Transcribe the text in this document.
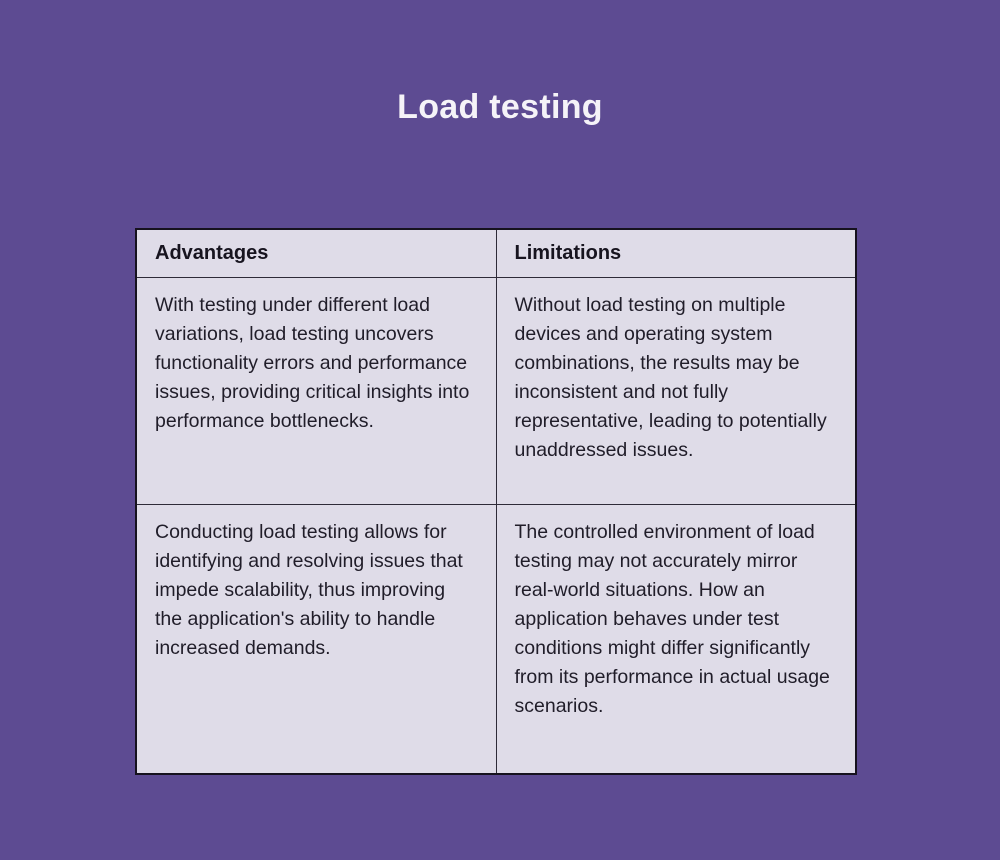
Load testing
Advantages	Limitations
With testing under different load variations, load testing uncovers functionality errors and performance issues, providing critical insights into performance bottlenecks.	Without load testing on multiple devices and operating system combinations, the results may be inconsistent and not fully representative, leading to potentially unaddressed issues.
Conducting load testing allows for identifying and resolving issues that impede scalability, thus improving the application's ability to handle increased demands.	The controlled environment of load testing may not accurately mirror real-world situations. How an application behaves under test conditions might differ significantly from its performance in actual usage scenarios.
